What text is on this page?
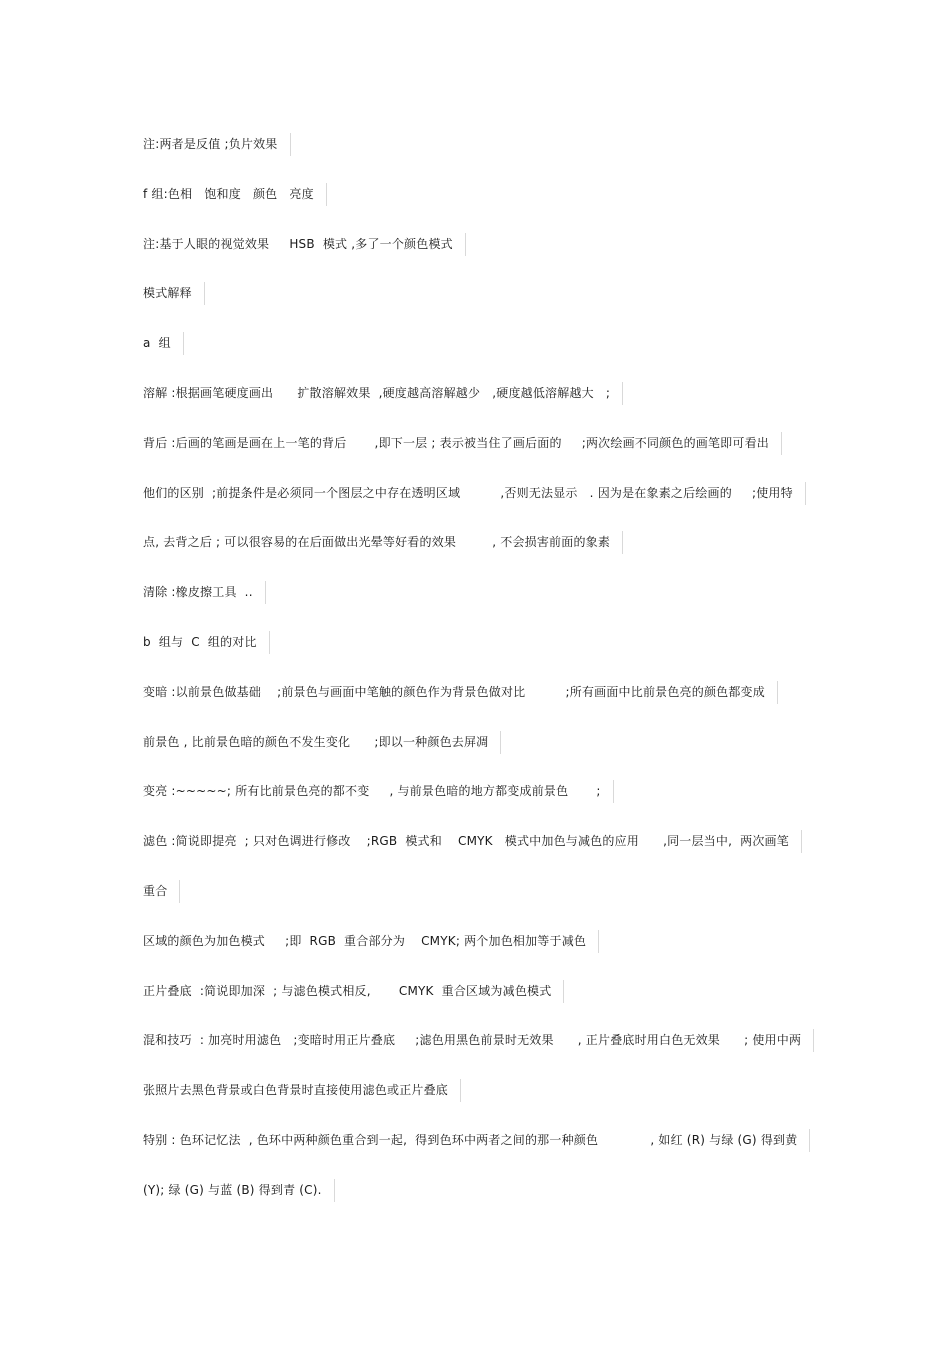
注:两者是反值 ;负片效果
f 组:色相   饱和度   颜色   亮度
注:基于人眼的视觉效果     HSB  模式 ,多了一个颜色模式
模式解释
a  组
溶解 :根据画笔硬度画出      扩散溶解效果  ,硬度越高溶解越少   ,硬度越低溶解越大   ;
背后 :后画的笔画是画在上一笔的背后       ,即下一层 ; 表示被当住了画后面的     ;两次绘画不同颜色的画笔即可看出
他们的区别  ;前提条件是必须同一个图层之中存在透明区域          ,否则无法显示   . 因为是在象素之后绘画的     ;使用特
点, 去背之后 ; 可以很容易的在后面做出光晕等好看的效果         , 不会损害前面的象素
清除 :橡皮擦工具  ..
b  组与  C  组的对比
变暗 :以前景色做基础    ;前景色与画面中笔触的颜色作为背景色做对比          ;所有画面中比前景色亮的颜色都变成
前景色 , 比前景色暗的颜色不发生变化      ;即以一种颜色去屏凋
变亮 :~~~~~; 所有比前景色亮的都不变     , 与前景色暗的地方都变成前景色       ;
滤色 :简说即提亮  ; 只对色调进行修改    ;RGB  模式和    CMYK   模式中加色与减色的应用      ,同一层当中,  两次画笔
重合
区域的颜色为加色模式     ;即  RGB  重合部分为    CMYK; 两个加色相加等于减色
正片叠底  :简说即加深  ; 与滤色模式相反,       CMYK  重合区域为减色模式
混和技巧  : 加亮时用滤色   ;变暗时用正片叠底     ;滤色用黑色前景时无效果      , 正片叠底时用白色无效果      ; 使用中两
张照片去黑色背景或白色背景时直接使用滤色或正片叠底
特别 : 色环记忆法  , 色环中两种颜色重合到一起,  得到色环中两者之间的那一种颜色             , 如红 (R) 与绿 (G) 得到黄
(Y); 绿 (G) 与蓝 (B) 得到青 (C).
